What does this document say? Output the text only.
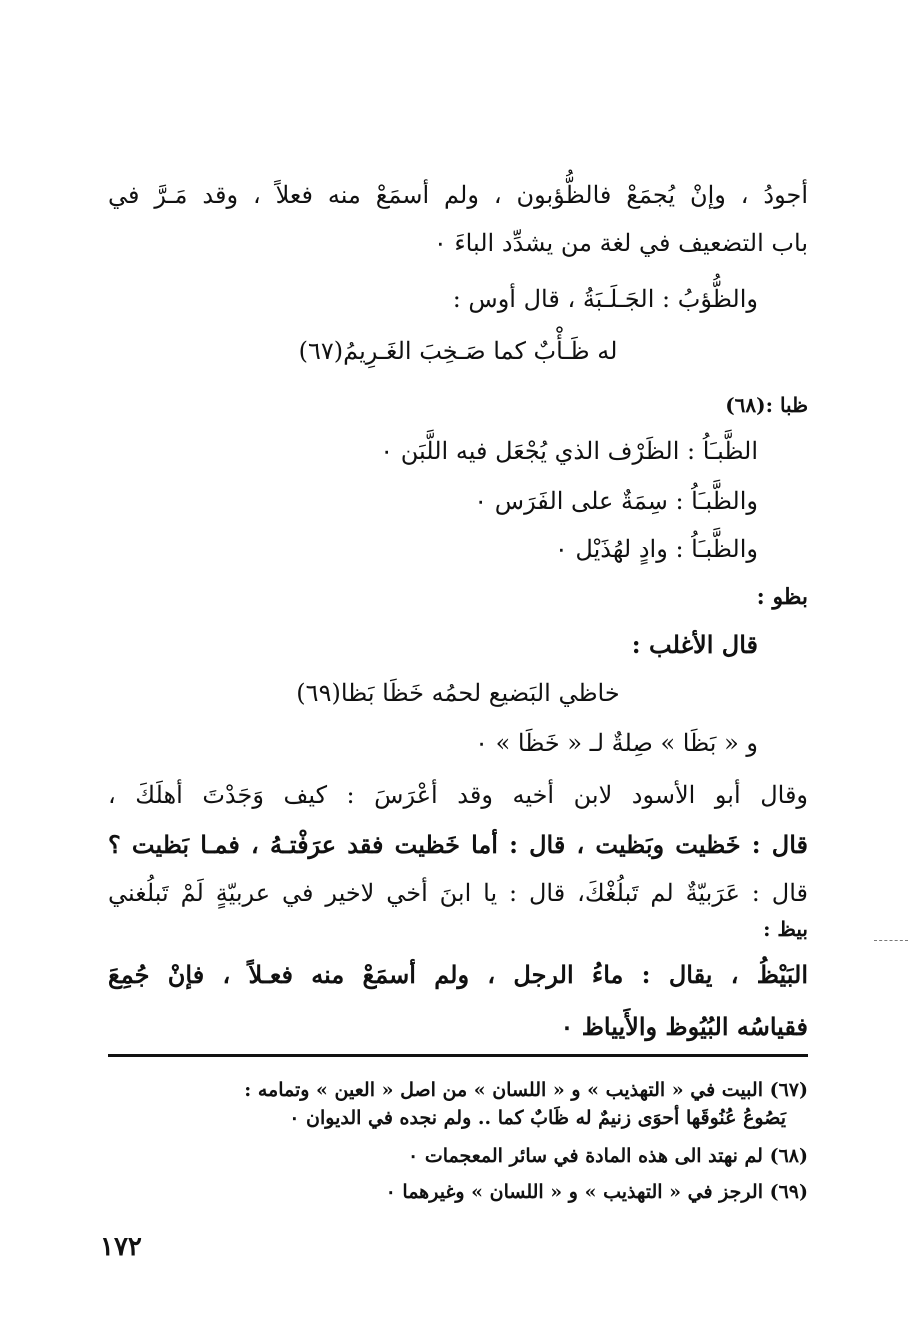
أجودُ ، وإنْ يُجمَعْ فالظُّؤبون ، ولم أسمَعْ منه فعلاً ، وقد مَـرَّ في
باب التضعيف في لغة من يشدِّد الباءَ ٠
والظُّؤبُ : الجَـلَـبَةُ ، قال أوس :
له ظَـأْبٌ كما صَـخِبَ الغَـرِيمُ(٦٧)
ظبا :(٦٨)
الظَّبـَاُ : الظَرْف الذي يُجْعَل فيه اللَّبَن ٠
والظَّبـَاُ : سِمَةٌ على الفَرَس ٠
والظَّبـَاُ : وادٍ لهُذَيْل ٠
بظو :
قال الأغلب :
خاظي البَضيع لحمُه خَظَا بَظا(٦٩)
و « بَظَا » صِلةٌ لـ « خَظَا » ٠
وقال أبو الأسود لابن أخيه وقد أعْرَسَ : كيف وَجَدْتَ أهلَكَ ،
قال : خَظيت وبَظيت ، قال : أما خَظيت فقد عرَفْتـهُ ، فمـا بَظيت ؟
قال : عَرَبيّةٌ لم تَبلُغْكَ، قال : يا ابنَ أخي لاخير في عربيّةٍ لَمْ تَبلُغني
بيظ :
البَيْظُ ، يقال : ماءُ الرجل ، ولم أسمَعْ منه فعـلاً ، فإنْ جُمِعَ
فقياسُه البُيُوظ والأَيياظ ٠
(٦٧) البيت في « التهذيب » و « اللسان » من اصل « العين » وتمامه :
يَصُوعُ عُنُوقَها أحوَى زنيمٌ له ظَابٌ كما .. ولم نجده في الديوان ٠
(٦٨) لم نهتد الى هذه المادة في سائر المعجمات ٠
(٦٩) الرجز في « التهذيب » و « اللسان » وغيرهما ٠
١٧٢
